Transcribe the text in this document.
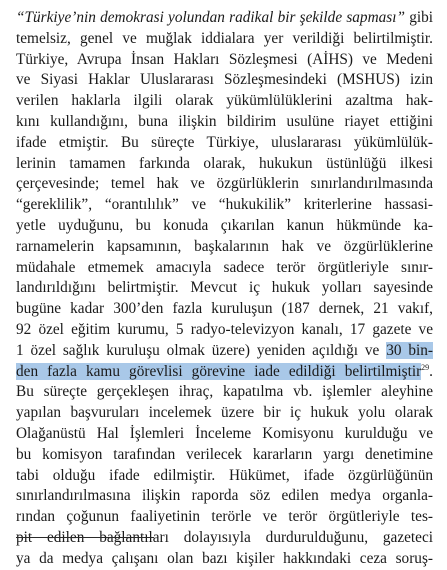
“Türkiye’nin demokrasi yolundan radikal bir şekilde sapması” gibi
temelsiz, genel ve muğlak iddialara yer verildiği belirtilmiştir.
Türkiye, Avrupa İnsan Hakları Sözleşmesi (AİHS) ve Medeni
ve Siyasi Haklar Uluslararası Sözleşmesindeki (MSHUS) izin
verilen haklarla ilgili olarak yükümlülüklerini azaltma hak-
kını kullandığını, buna ilişkin bildirim usulüne riayet ettiğini
ifade etmiştir. Bu süreçte Türkiye, uluslararası yükümlülük-
lerinin tamamen farkında olarak, hukukun üstünlüğü ilkesi
çerçevesinde; temel hak ve özgürlüklerin sınırlandırılmasında
“gereklilik”, “orantılılık” ve “hukukilik” kriterlerine hassasi-
yetle uyduğunu, bu konuda çıkarılan kanun hükmünde ka-
rarnamelerin kapsamının, başkalarının hak ve özgürlüklerine
müdahale etmemek amacıyla sadece terör örgütleriyle sınır-
landırıldığını belirtmiştir. Mevcut iç hukuk yolları sayesinde
bugüne kadar 300’den fazla kuruluşun (187 dernek, 21 vakıf,
92 özel eğitim kurumu, 5 radyo-televizyon kanalı, 17 gazete ve
1 özel sağlık kuruluşu olmak üzere) yeniden açıldığı ve 30 bin-
den fazla kamu görevlisi görevine iade edildiği belirtilmiştir$^{29}$.
Bu süreçte gerçekleşen ihraç, kapatılma vb. işlemler aleyhine
yapılan başvuruları incelemek üzere bir iç hukuk yolu olarak
Olağanüstü Hal İşlemleri İnceleme Komisyonu kurulduğu ve
bu komisyon tarafından verilecek kararların yargı denetimine
tabi olduğu ifade edilmiştir. Hükümet, ifade özgürlüğünün
sınırlandırılmasına ilişkin raporda söz edilen medya organla-
rından çoğunun faaliyetinin terörle ve terör örgütleriyle tes-
pit edilen bağlantıları dolayısıyla durdurulduğunu, gazeteci
ya da medya çalışanı olan bazı kişiler hakkındaki ceza soruş-
